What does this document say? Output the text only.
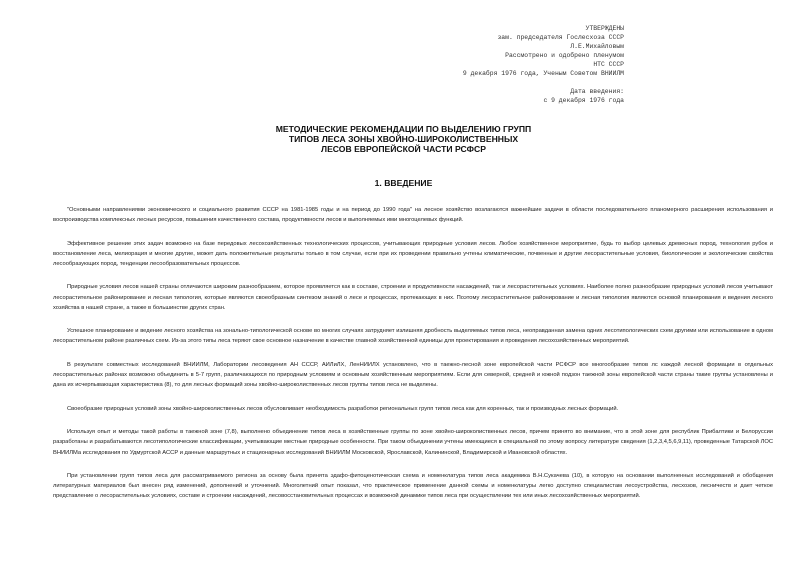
УТВЕРЖДЕНЫ
зам. председателя Гослесхоза СССР
Л.Е.Михайловым
Рассмотрено и одобрено пленумом
НТС СССР
9 декабря 1976 года, Ученым Советом ВНИИЛМ
Дата введения:
с 9 декабря 1976 года
МЕТОДИЧЕСКИЕ РЕКОМЕНДАЦИИ ПО ВЫДЕЛЕНИЮ ГРУПП
ТИПОВ ЛЕСА ЗОНЫ ХВОЙНО-ШИРОКОЛИСТВЕННЫХ
ЛЕСОВ ЕВРОПЕЙСКОЙ ЧАСТИ РСФСР
1. ВВЕДЕНИЕ

"Основными направлениями экономического и социального развития СССР на 1981-1985 годы и на период до 1990 года" на лесное хозяйство возлагаются важнейшие задачи в области последовательного планомерного расширения использования и воспроизводства комплексных лесных ресурсов, повышения качественного состава, продуктивности лесов и выполняемых ими многоцелевых функций.

Эффективное решение этих задач возможно на базе передовых лесохозяйственных технологических процессов, учитывающих природные условия лесов. Любое хозяйственное мероприятие, будь то выбор целевых древесных пород, технология рубок и восстановление леса, мелиорация и многие другие, может дать положительные результаты только в том случае, если при их проведении правильно учтены климатические, почвенные и другие лесорастительные условия, биологические и экологические свойства лесообразующих пород, тенденции лесообразовательных процессов.

Природные условия лесов нашей страны отличаются широким разнообразием, которое проявляется как в составе, строении и продуктивности насаждений, так и лесорастительных условиях. Наиболее полно разнообразие природных условий лесов учитывают лесорастительное районирование и лесная типология, которые являются своеобразным синтезом знаний о лесе и процессах, протекающих в них. Поэтому лесорастительное районирование и лесная типология являются основой планирования и ведения лесного хозяйства в нашей стране, а также в большинстве других стран.

Успешное планирование и ведение лесного хозяйства на зонально-типологической основе во многих случаях затрудняет излишняя дробность выделяемых типов леса, неоправданная замена одних лесотипологических схем другими или использование в одном лесорастительном районе различных схем. Из-за этого типы леса теряют свое основное назначение в качестве главной хозяйственной единицы для проектирования и проведения лесохозяйственных мероприятий.

В результате совместных исследований ВНИИЛМ, Лаборатории лесоведения АН СССР, АИЛиЛХ, ЛенНИИЛХ установлено, что в таежно-лесной зоне европейской части РСФСР все многообразие типов лс каждой лесной формации в отдельных лесорастительных районах возможно объединить в 5-7 групп, различающихся по природным условиям и основным хозяйственным мероприятиям. Если для северной, средней и южной подзон таежной зоны европейской части страны такие группы установлены и дана их исчерпывающая характеристика (8), то для лесных формаций зоны хвойно-широколиственных лесов группы типов леса не выделены.

Своеобразие природных условий зоны хвойно-широколиственных лесов обусловливает необходимость разработки региональных групп типов леса как для коренных, так и производных лесных формаций.

Используя опыт и методы такой работы в таежной зоне (7,8), выполнено объединение типов леса в хозяйственные группы по зоне хвойно-широколиственных лесов, причем принято во внимание, что в этой зоне для республик Прибалтики и Белоруссии разработаны и разрабатываются лесотипологические классификации, учитывающие местные природные особенности. При таком объединении учтены имеющиеся в специальной по этому вопросу литературе сведения (1,2,3,4,5,6,9,11), проведенные Татарской ЛОС ВНИИЛМа исследования по Удмуртской АССР и данные маршрутных и стационарных исследований ВНИИЛМ Московской, Ярославской, Калининской, Владимирской и Ивановской областях.

При установлении групп типов леса для рассматриваемого региона за основу была принята эдафо-фитоценотическая схема и номенклатура типов леса академика В.Н.Сукачева (10), в которую на основании выполненных исследований и обобщения литературных материалов был внесен ряд изменений, дополнений и уточнений. Многолетний опыт показал, что практическое применение данной схемы и номенклатуры легко доступно специалистам лесоустройства, лесхозов, лесничеств и дает четкое представление о лесорастительных условиях, составе и строении насаждений, лесовосстановительных процессах и возможной динамике типов леса при осуществлении тех или иных лесохозяйственных мероприятий.
